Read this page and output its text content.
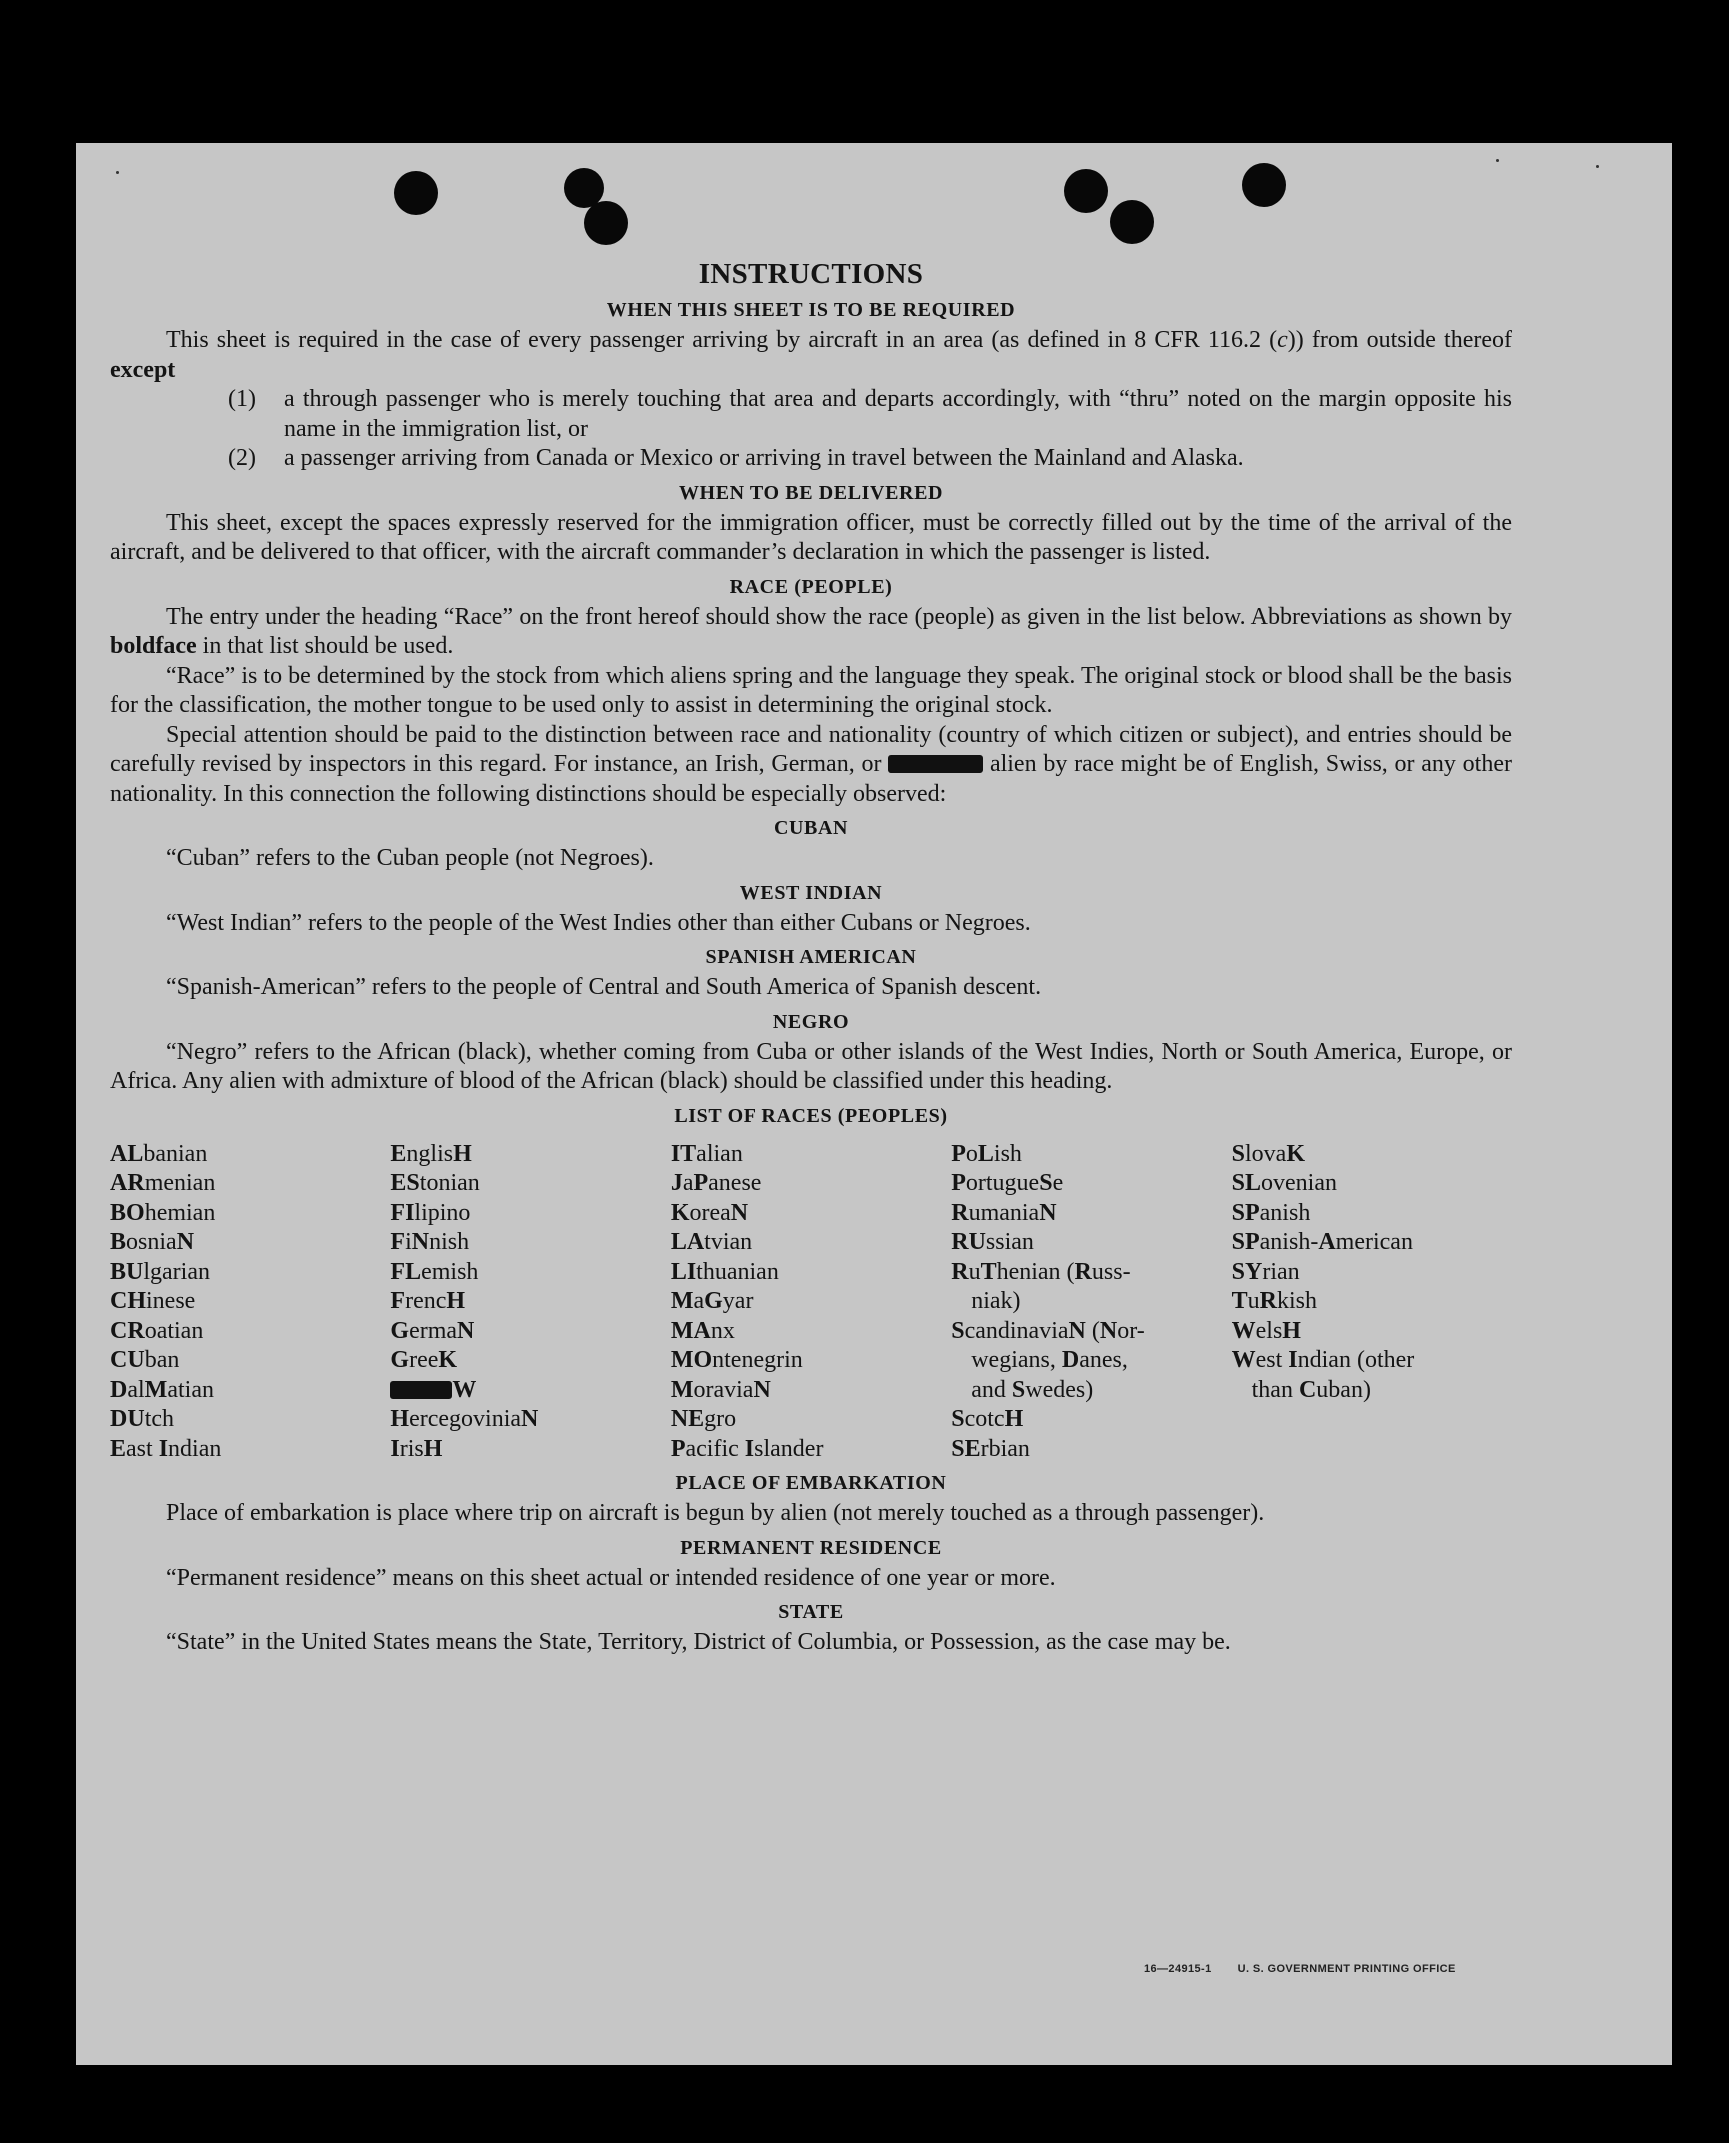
INSTRUCTIONS
WHEN THIS SHEET IS TO BE REQUIRED

This sheet is required in the case of every passenger arriving by aircraft in an area (as defined in 8 CFR 116.2 (c)) from outside thereof except

(1)	a through passenger who is merely touching that area and departs accordingly, with “thru” noted on the margin opposite his name in the immigration list, or
(2)	a passenger arriving from Canada or Mexico or arriving in travel between the Mainland and Alaska.
WHEN TO BE DELIVERED

This sheet, except the spaces expressly reserved for the immigration officer, must be correctly filled out by the time of the arrival of the aircraft, and be delivered to that officer, with the aircraft commander’s declaration in which the passenger is listed.

RACE (PEOPLE)

The entry under the heading “Race” on the front hereof should show the race (people) as given in the list below. Abbreviations as shown by boldface in that list should be used.

“Race” is to be determined by the stock from which aliens spring and the language they speak. The original stock or blood shall be the basis for the classification, the mother tongue to be used only to assist in determining the original stock.

Special attention should be paid to the distinction between race and nationality (country of which citizen or subject), and entries should be carefully revised by inspectors in this regard. For instance, an Irish, German, or	alien by race might be of English, Swiss, or any other nationality. In this connection the following distinctions should be especially observed:

CUBAN

“Cuban” refers to the Cuban people (not Negroes).

WEST INDIAN

“West Indian” refers to the people of the West Indies other than either Cubans or Negroes.

SPANISH AMERICAN

“Spanish-American” refers to the people of Central and South America of Spanish descent.

NEGRO

“Negro” refers to the African (black), whether coming from Cuba or other islands of the West Indies, North or South America, Europe, or Africa. Any alien with admixture of blood of the African (black) should be classified under this heading.

LIST OF RACES (PEOPLES)
ALbanian
ARmenian
BOhemian
BosniaN
BUlgarian
CHinese
CRoatian
CUban
DalMatian
DUtch
East Indian
EnglisH
EStonian
FIlipino
FiNnish
FLemish
FrencH
GermaN
GreeK
W
HercegoviniaN
IrisH
ITalian
JaPanese
KoreaN
LAtvian
LIthuanian
MaGyar
MAnx
MOntenegrin
MoraviaN
NEgro
Pacific Islander
PoLish
PortugueSe
RumaniaN
RUssian
RuThenian (Russ-
niak)
ScandinaviaN (Nor-
wegians, Danes,
and Swedes)
ScotcH
SErbian
SlovaK
SLovenian
SPanish
SPanish-American
SYrian
TuRkish
WelsH
West Indian (other
than Cuban)
PLACE OF EMBARKATION

Place of embarkation is place where trip on aircraft is begun by alien (not merely touched as a through passenger).

PERMANENT RESIDENCE

“Permanent residence” means on this sheet actual or intended residence of one year or more.

STATE

“State” in the United States means the State, Territory, District of Columbia, or Possession, as the case may be.

16—24915-1 U. S. GOVERNMENT PRINTING OFFICE
